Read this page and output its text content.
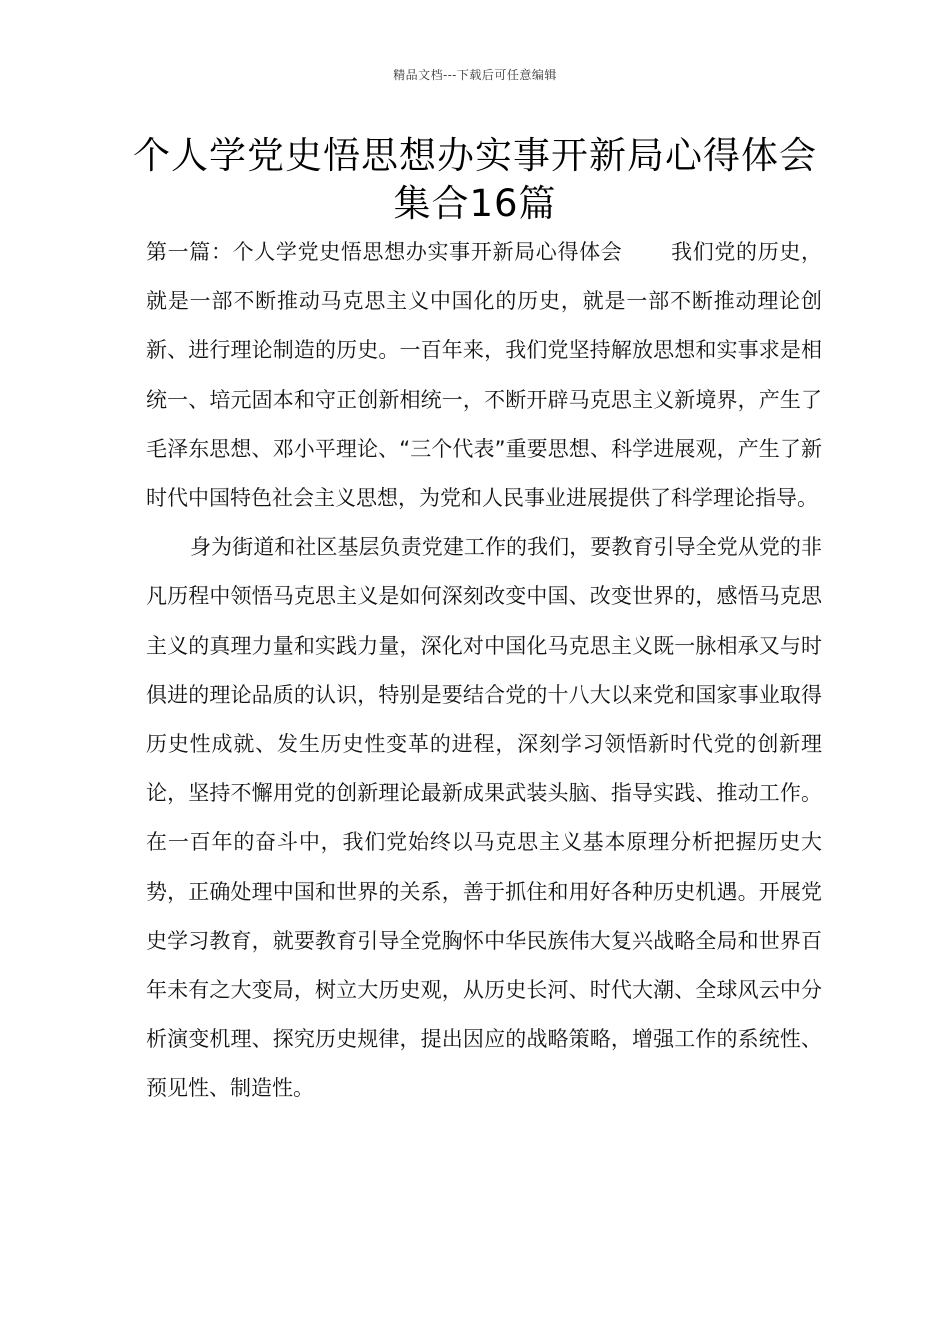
精品文档---下载后可任意编辑
个人学党史悟思想办实事开新局心得体会集合16篇

第一篇：个人学党史悟思想办实事开新局心得体会 我们党的历史，就是一部不断推动马克思主义中国化的历史，就是一部不断推动理论创新、进行理论制造的历史。一百年来，我们党坚持解放思想和实事求是相统一、培元固本和守正创新相统一，不断开辟马克思主义新境界，产生了毛泽东思想、邓小平理论、“三个代表”重要思想、科学进展观，产生了新时代中国特色社会主义思想，为党和人民事业进展提供了科学理论指导。

身为街道和社区基层负责党建工作的我们，要教育引导全党从党的非凡历程中领悟马克思主义是如何深刻改变中国、改变世界的，感悟马克思主义的真理力量和实践力量，深化对中国化马克思主义既一脉相承又与时俱进的理论品质的认识，特别是要结合党的十八大以来党和国家事业取得历史性成就、发生历史性变革的进程，深刻学习领悟新时代党的创新理论，坚持不懈用党的创新理论最新成果武装头脑、指导实践、推动工作。在一百年的奋斗中，我们党始终以马克思主义基本原理分析把握历史大势，正确处理中国和世界的关系，善于抓住和用好各种历史机遇。开展党史学习教育，就要教育引导全党胸怀中华民族伟大复兴战略全局和世界百年未有之大变局，树立大历史观，从历史长河、时代大潮、全球风云中分析演变机理、探究历史规律，提出因应的战略策略，增强工作的系统性、预见性、制造性。
